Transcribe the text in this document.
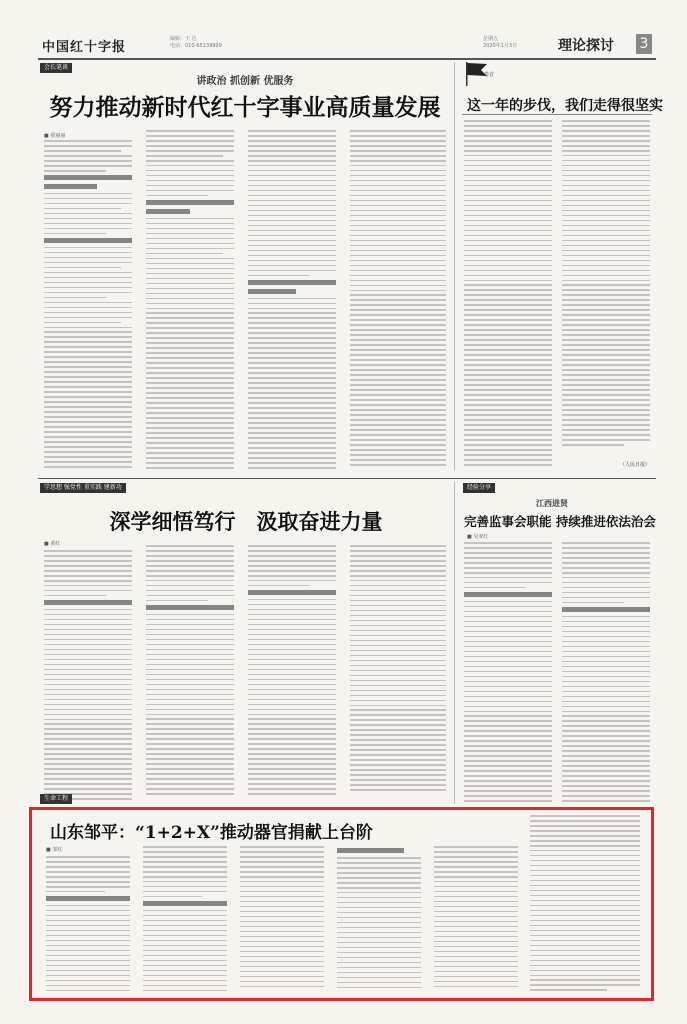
中国红十字报
编辑：王 达
电话：010-65139999
星期五
2020年1月3日	理论探讨 3
会长笔谈
讲政治 抓创新 优服务
努力推动新时代红十字事业高质量发展
■ 翟丽丽
卷首
这一年的步伐，我们走得很坚实
（人民日报）
学思想 强党性 重实践 建新功
深学细悟笃行　汲取奋进力量
■ 黄红
经验分享
江西进贤
完善监事会职能 持续推进依法治会
■ 吴亚红
生命工程
山东邹平：“1+2+X”推动器官捐献上台阶
■ 邹红
